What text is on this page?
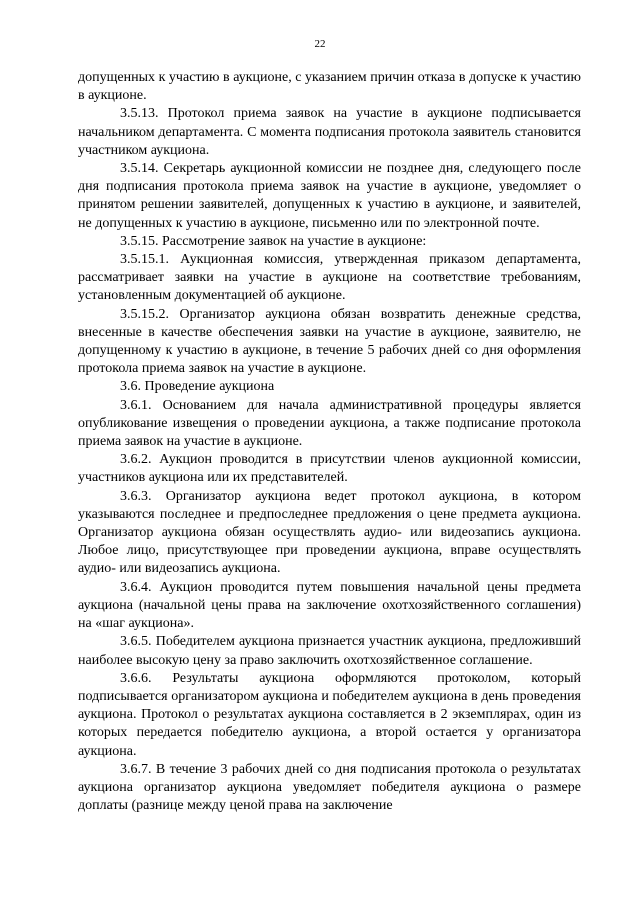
22

допущенных к участию в аукционе, с указанием причин отказа в допуске к участию в аукционе.

3.5.13. Протокол приема заявок на участие в аукционе подписывается начальником департамента. С момента подписания протокола заявитель становится участником аукциона.

3.5.14. Секретарь аукционной комиссии не позднее дня, следующего после дня подписания протокола приема заявок на участие в аукционе, уведомляет о принятом решении заявителей, допущенных к участию в аукционе, и заявителей, не допущенных к участию в аукционе, письменно или по электронной почте.

3.5.15. Рассмотрение заявок на участие в аукционе:

3.5.15.1. Аукционная комиссия, утвержденная приказом департамента, рассматривает заявки на участие в аукционе на соответствие требованиям, установленным документацией об аукционе.

3.5.15.2. Организатор аукциона обязан возвратить денежные средства, внесенные в качестве обеспечения заявки на участие в аукционе, заявителю, не допущенному к участию в аукционе, в течение 5 рабочих дней со дня оформления протокола приема заявок на участие в аукционе.

3.6. Проведение аукциона

3.6.1. Основанием для начала административной процедуры является опубликование извещения о проведении аукциона, а также подписание протокола приема заявок на участие в аукционе.

3.6.2. Аукцион проводится в присутствии членов аукционной комиссии, участников аукциона или их представителей.

3.6.3. Организатор аукциона ведет протокол аукциона, в котором указываются последнее и предпоследнее предложения о цене предмета аукциона. Организатор аукциона обязан осуществлять аудио- или видеозапись аукциона. Любое лицо, присутствующее при проведении аукциона, вправе осуществлять аудио- или видеозапись аукциона.

3.6.4. Аукцион проводится путем повышения начальной цены предмета аукциона (начальной цены права на заключение охотхозяйственного соглашения) на «шаг аукциона».

3.6.5. Победителем аукциона признается участник аукциона, предложивший наиболее высокую цену за право заключить охотхозяйственное соглашение.

3.6.6. Результаты аукциона оформляются протоколом, который подписывается организатором аукциона и победителем аукциона в день проведения аукциона. Протокол о результатах аукциона составляется в 2 экземплярах, один из которых передается победителю аукциона, а второй остается у организатора аукциона.

3.6.7. В течение 3 рабочих дней со дня подписания протокола о результатах аукциона организатор аукциона уведомляет победителя аукциона о размере доплаты (разнице между ценой права на заключение
